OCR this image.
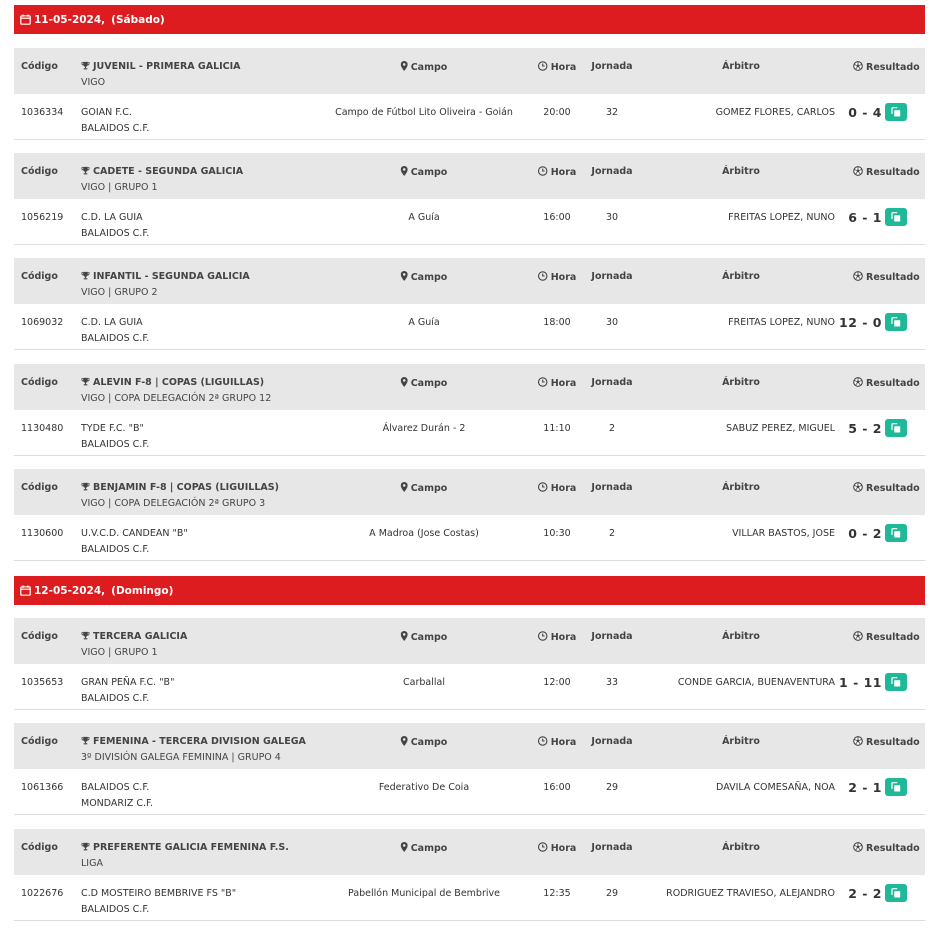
11-05-2024, (Sábado)
Código	JUVENIL - PRIMERA GALICIA
VIGO
Campo	Hora Jornada	Árbitro	Resultado
1036334 GOIAN F.C.
BALAIDOS C.F.
Campo de Fútbol Lito Oliveira - Goián	20:00	32	GOMEZ FLORES, CARLOS 0 - 4
Código	CADETE - SEGUNDA GALICIA
VIGO | GRUPO 1
Campo	Hora Jornada	Árbitro	Resultado
1056219 C.D. LA GUIA
BALAIDOS C.F.
A Guía	16:00	30	FREITAS LOPEZ, NUNO 6 - 1
Código	INFANTIL - SEGUNDA GALICIA
VIGO | GRUPO 2
Campo	Hora Jornada	Árbitro	Resultado
1069032 C.D. LA GUIA
BALAIDOS C.F.
A Guía	18:00	30	FREITAS LOPEZ, NUNO 12 - 0
Código	ALEVIN F-8 | COPAS (LIGUILLAS)
VIGO | COPA DELEGACIÓN 2ª GRUPO 12
Campo	Hora Jornada	Árbitro	Resultado
1130480 TYDE F.C. "B"
BALAIDOS C.F.
Álvarez Durán - 2	11:10	2	SABUZ PEREZ, MIGUEL 5 - 2
Código	BENJAMIN F-8 | COPAS (LIGUILLAS)
VIGO | COPA DELEGACIÓN 2ª GRUPO 3
Campo	Hora Jornada	Árbitro	Resultado
1130600 U.V.C.D. CANDEAN "B"
BALAIDOS C.F.
A Madroa (Jose Costas)	10:30	2	VILLAR BASTOS, JOSE 0 - 2
12-05-2024, (Domingo)
Código	TERCERA GALICIA
VIGO | GRUPO 1
Campo	Hora Jornada	Árbitro	Resultado
1035653 GRAN PEÑA F.C. "B"
BALAIDOS C.F.
Carballal	12:00	33	CONDE GARCIA, BUENAVENTURA 1 - 11
Código	FEMENINA - TERCERA DIVISION GALEGA
3º DIVISIÓN GALEGA FEMININA | GRUPO 4
Campo	Hora Jornada	Árbitro	Resultado
1061366 BALAIDOS C.F.
MONDARIZ C.F.
Federativo De Coia	16:00	29	DAVILA COMESAÑA, NOA 2 - 1
Código	PREFERENTE GALICIA FEMENINA F.S.
LIGA
Campo	Hora Jornada	Árbitro	Resultado
1022676 C.D MOSTEIRO BEMBRIVE FS "B"
BALAIDOS C.F.
Pabellón Municipal de Bembrive	12:35	29	RODRIGUEZ TRAVIESO, ALEJANDRO 2 - 2
